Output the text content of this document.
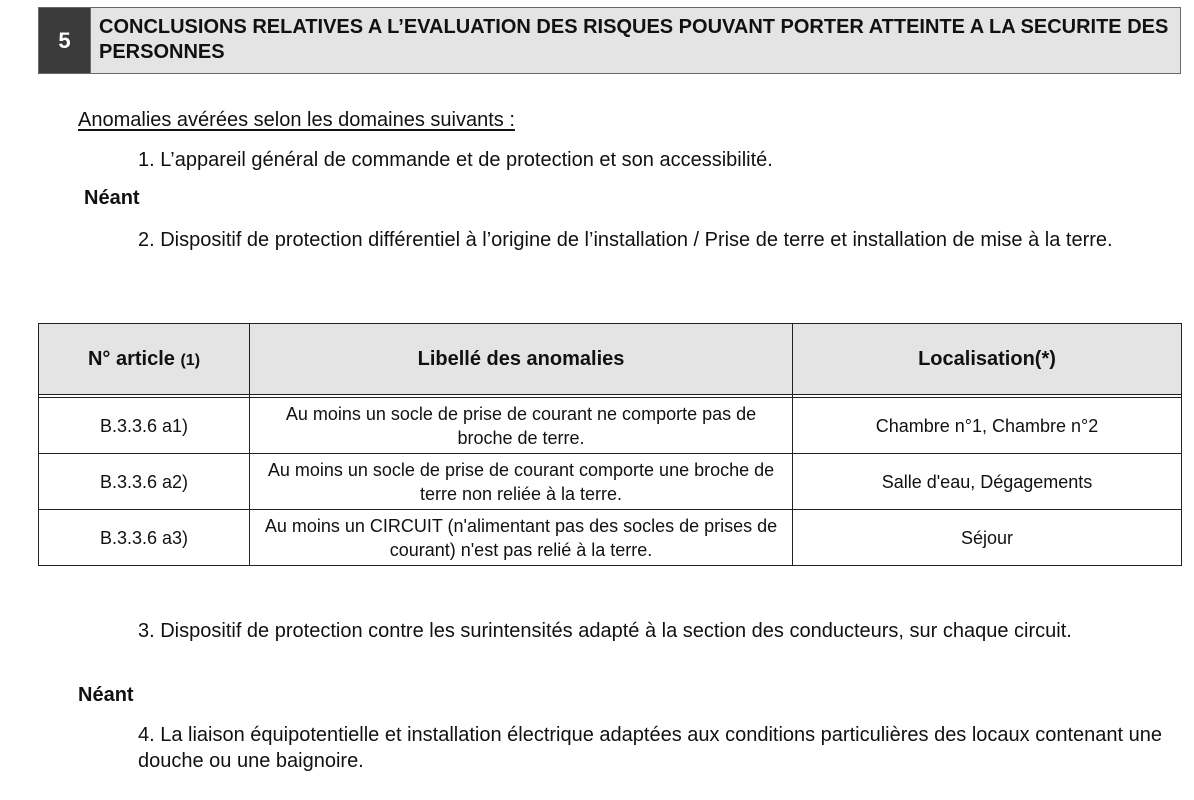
5
CONCLUSIONS RELATIVES A L’EVALUATION DES RISQUES POUVANT PORTER ATTEINTE A LA SECURITE DES PERSONNES
Anomalies avérées selon les domaines suivants :
1. L’appareil général de commande et de protection et son accessibilité.
Néant
2. Dispositif de protection différentiel à l’origine de l’installation / Prise de terre et installation de mise à la terre.
N° article (1)	Libellé des anomalies	Localisation(*)

B.3.3.6 a1)	Au moins un socle de prise de courant ne comporte pas de broche de terre.	Chambre n°1, Chambre n°2
B.3.3.6 a2)	Au moins un socle de prise de courant comporte une broche de terre non reliée à la terre.	Salle d'eau, Dégagements
B.3.3.6 a3)	Au moins un CIRCUIT (n'alimentant pas des socles de prises de courant) n'est pas relié à la terre.	Séjour
3. Dispositif de protection contre les surintensités adapté à la section des conducteurs, sur chaque circuit.
Néant
4. La liaison équipotentielle et installation électrique adaptées aux conditions particulières des locaux contenant une douche ou une baignoire.
